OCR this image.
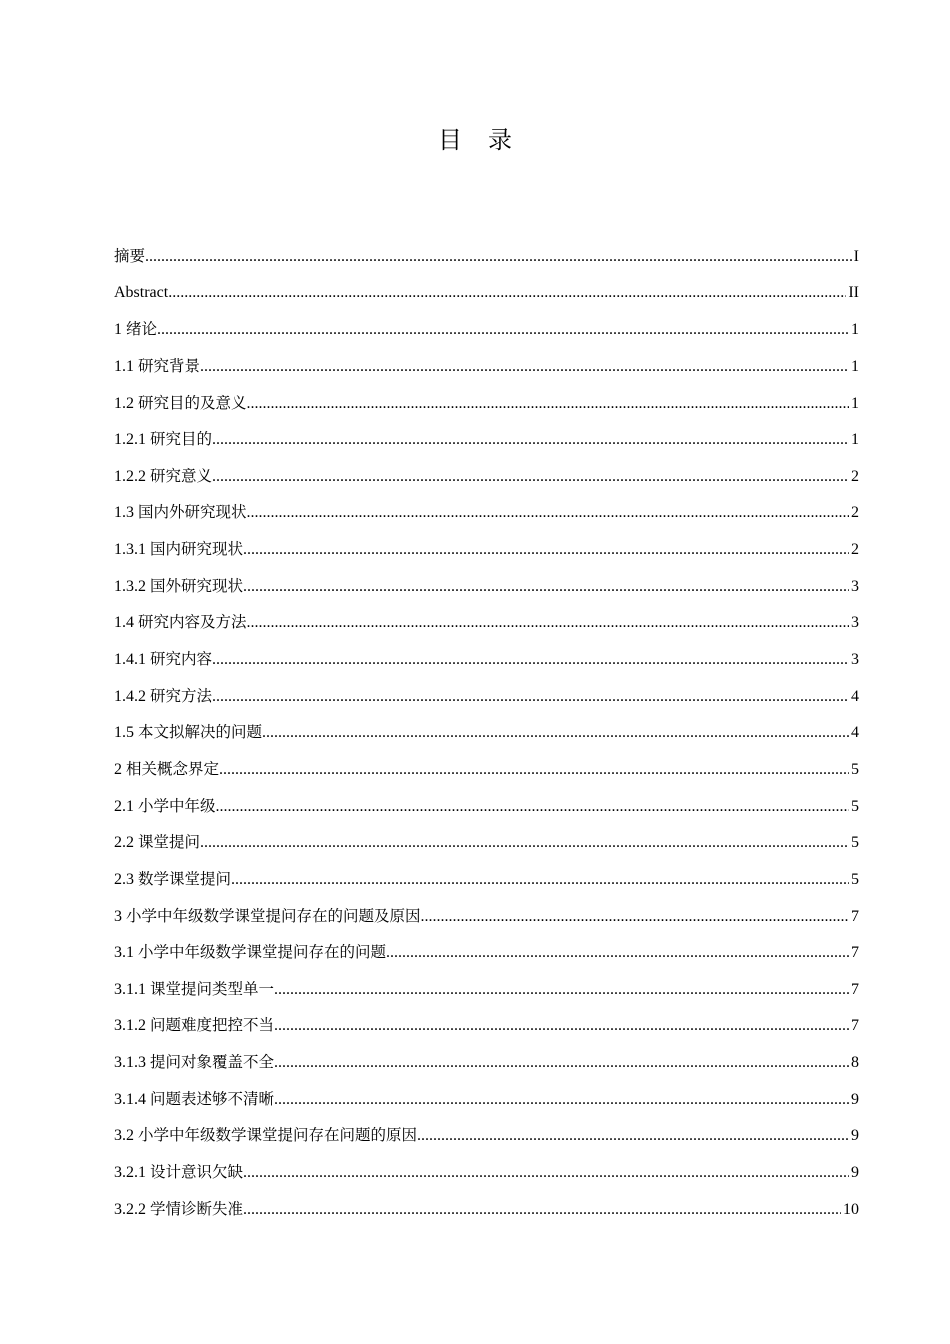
目 录
摘要 .....	I
Abstract .....	II
1 绪论 .....	1
1.1 研究背景 .....	1
1.2 研究目的及意义 .....	1
1.2.1 研究目的 .....	1
1.2.2 研究意义 .....	2
1.3 国内外研究现状 .....	2
1.3.1 国内研究现状 .....	2
1.3.2 国外研究现状 .....	3
1.4 研究内容及方法 .....	3
1.4.1 研究内容 .....	3
1.4.2 研究方法 .....	4
1.5 本文拟解决的问题 .....	4
2 相关概念界定 .....	5
2.1 小学中年级 .....	5
2.2 课堂提问 .....	5
2.3 数学课堂提问 .....	5
3 小学中年级数学课堂提问存在的问题及原因 .....	7
3.1 小学中年级数学课堂提问存在的问题 .....	7
3.1.1 课堂提问类型单一 .....	7
3.1.2 问题难度把控不当 .....	7
3.1.3 提问对象覆盖不全 .....	8
3.1.4 问题表述够不清晰 .....	9
3.2 小学中年级数学课堂提问存在问题的原因 .....	9
3.2.1 设计意识欠缺 .....	9
3.2.2 学情诊断失准 .....	10
